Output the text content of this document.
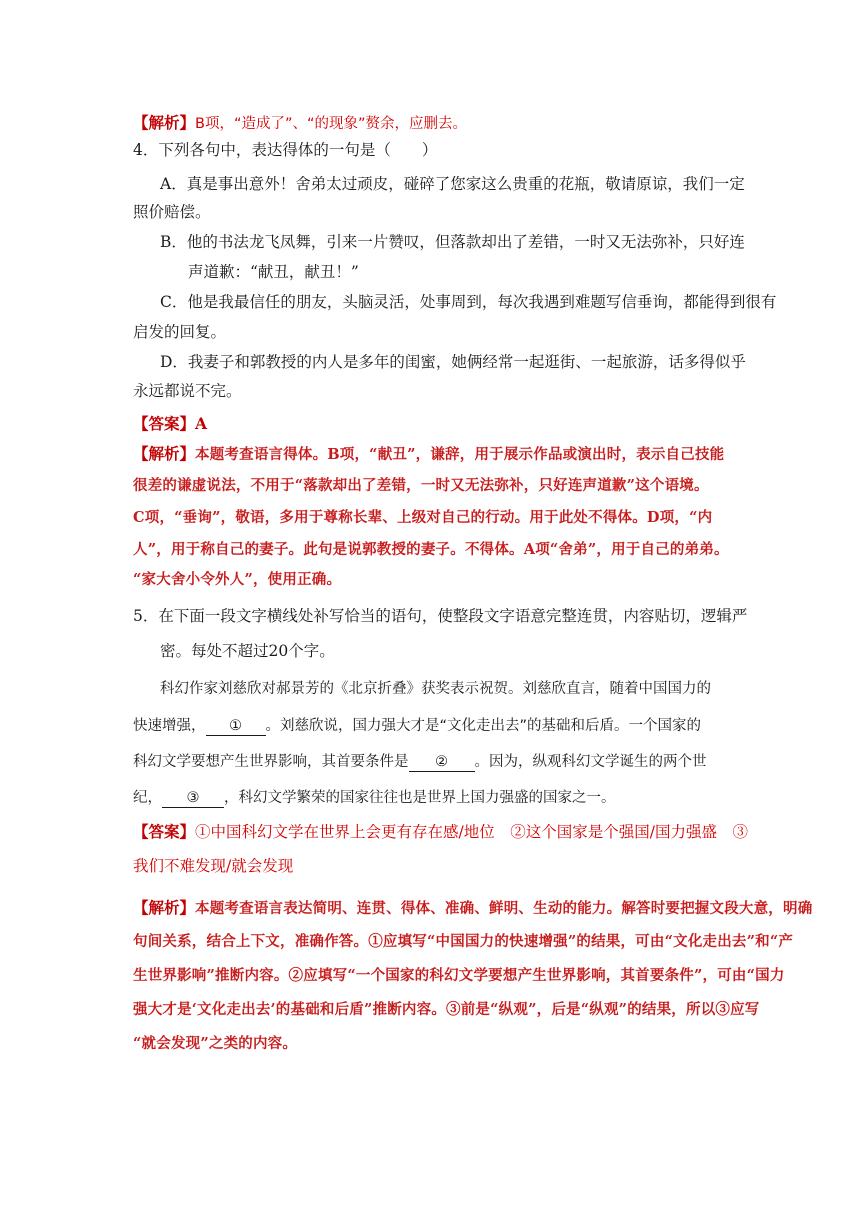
【解析】B项，“造成了”、“的现象”赘余，应删去。
4．下列各句中，表达得体的一句是（　　）
A．真是事出意外！舍弟太过顽皮，碰碎了您家这么贵重的花瓶，敬请原谅，我们一定
照价赔偿。
B．他的书法龙飞凤舞，引来一片赞叹，但落款却出了差错，一时又无法弥补，只好连
声道歉：“献丑，献丑！”
C．他是我最信任的朋友，头脑灵活，处事周到，每次我遇到难题写信垂询，都能得到很有
启发的回复。
D．我妻子和郭教授的内人是多年的闺蜜，她俩经常一起逛街、一起旅游，话多得似乎
永远都说不完。
【答案】A
【解析】本题考查语言得体。B项，“献丑”，谦辞，用于展示作品或演出时，表示自己技能
很差的谦虚说法，不用于“落款却出了差错，一时又无法弥补，只好连声道歉”这个语境。
C项，“垂询”，敬语，多用于尊称长辈、上级对自己的行动。用于此处不得体。D项，“内
人”，用于称自己的妻子。此句是说郭教授的妻子。不得体。A项“舍弟”，用于自己的弟弟。
“家大舍小令外人”，使用正确。
5．在下面一段文字横线处补写恰当的语句，使整段文字语意完整连贯，内容贴切，逻辑严
密。每处不超过20个字。
科幻作家刘慈欣对郝景芳的《北京折叠》获奖表示祝贺。刘慈欣直言，随着中国国力的
快速增强， ① 。刘慈欣说，国力强大才是“文化走出去”的基础和后盾。一个国家的
科幻文学要想产生世界影响，其首要条件是 ② 。因为，纵观科幻文学诞生的两个世
纪， ③ ，科幻文学繁荣的国家往往也是世界上国力强盛的国家之一。
【答案】①中国科幻文学在世界上会更有存在感/地位　②这个国家是个强国/国力强盛　③
我们不难发现/就会发现
【解析】本题考查语言表达简明、连贯、得体、准确、鲜明、生动的能力。解答时要把握文段大意，明确
句间关系，结合上下文，准确作答。①应填写“中国国力的快速增强”的结果，可由“文化走出去”和“产
生世界影响”推断内容。②应填写“一个国家的科幻文学要想产生世界影响，其首要条件”，可由“国力
强大才是‘文化走出去’的基础和后盾”推断内容。③前是“纵观”，后是“纵观”的结果，所以③应写
“就会发现”之类的内容。
